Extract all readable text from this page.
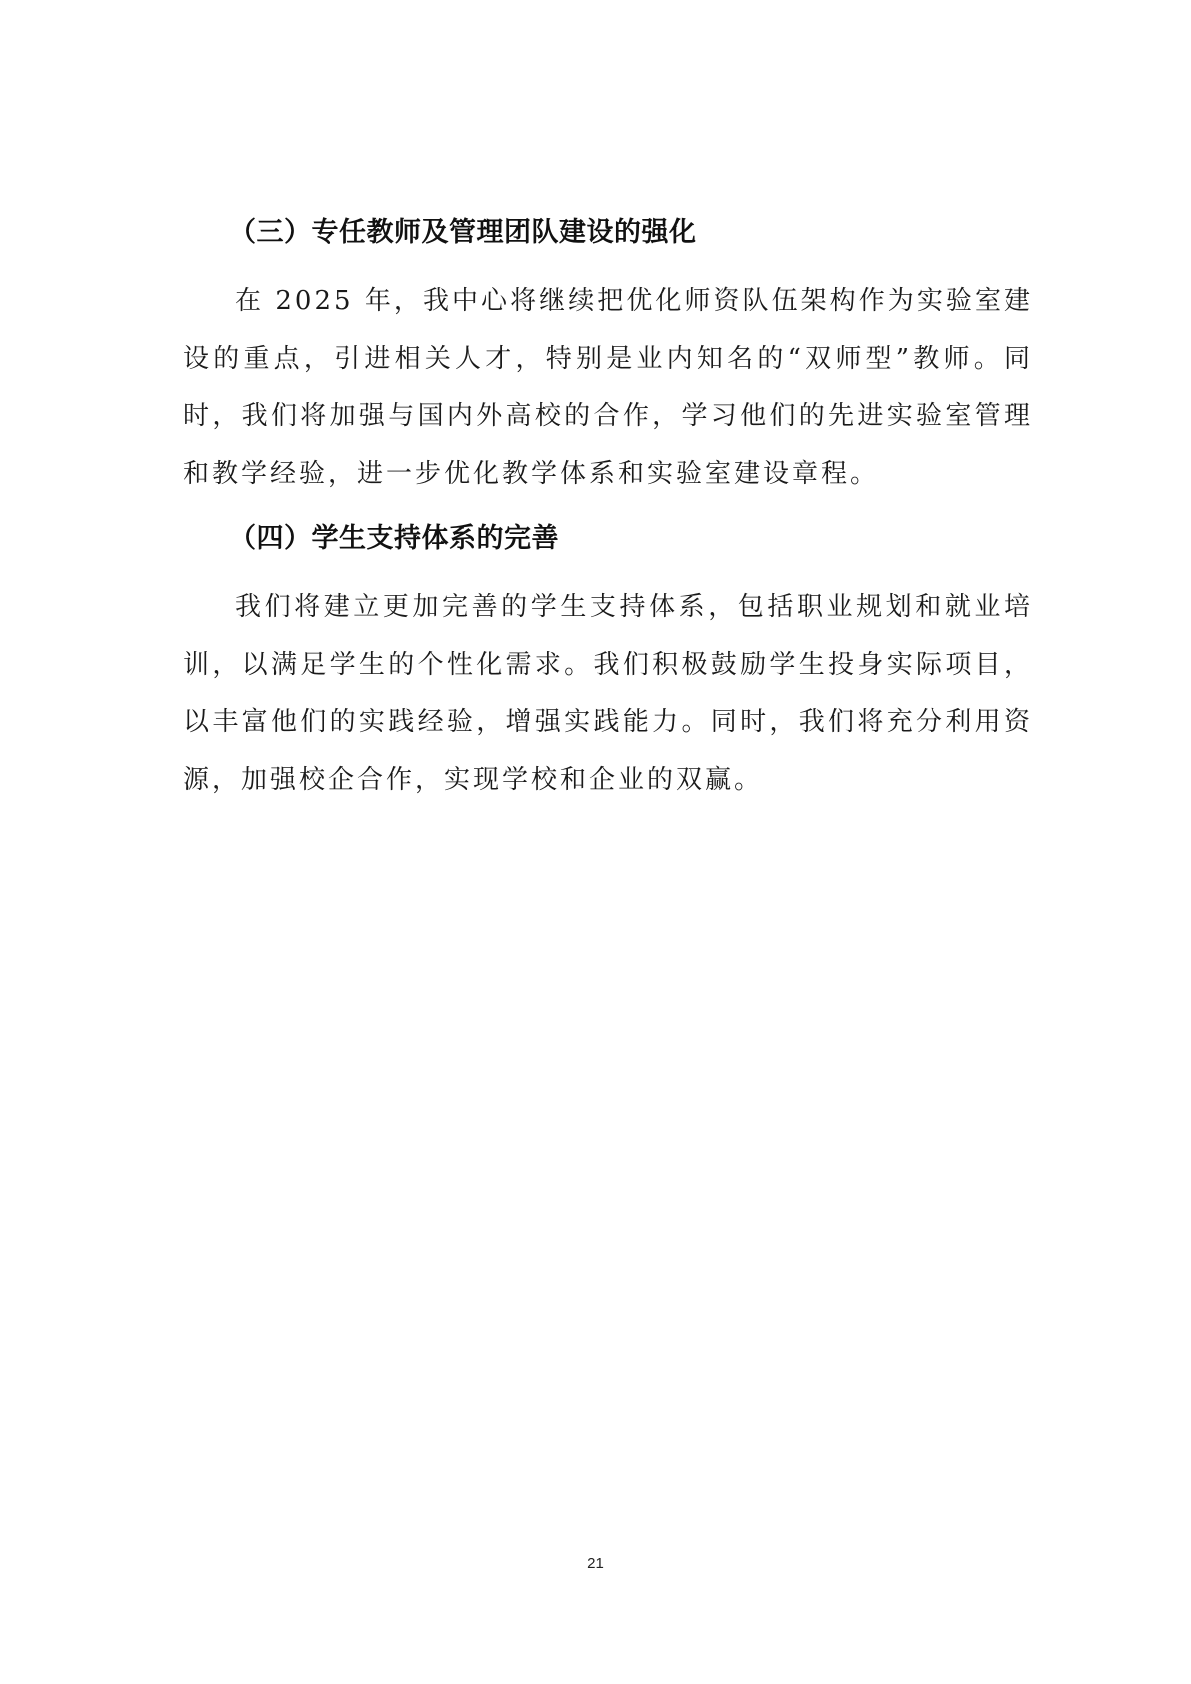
（三）专任教师及管理团队建设的强化

在 2025 年，我中心将继续把优化师资队伍架构作为实验室建设的重点，引进相关人才，特别是业内知名的“双师型”教师。同时，我们将加强与国内外高校的合作，学习他们的先进实验室管理和教学经验，进一步优化教学体系和实验室建设章程。

（四）学生支持体系的完善

我们将建立更加完善的学生支持体系，包括职业规划和就业培训，以满足学生的个性化需求。我们积极鼓励学生投身实际项目，以丰富他们的实践经验，增强实践能力。同时，我们将充分利用资源，加强校企合作，实现学校和企业的双赢。

21
